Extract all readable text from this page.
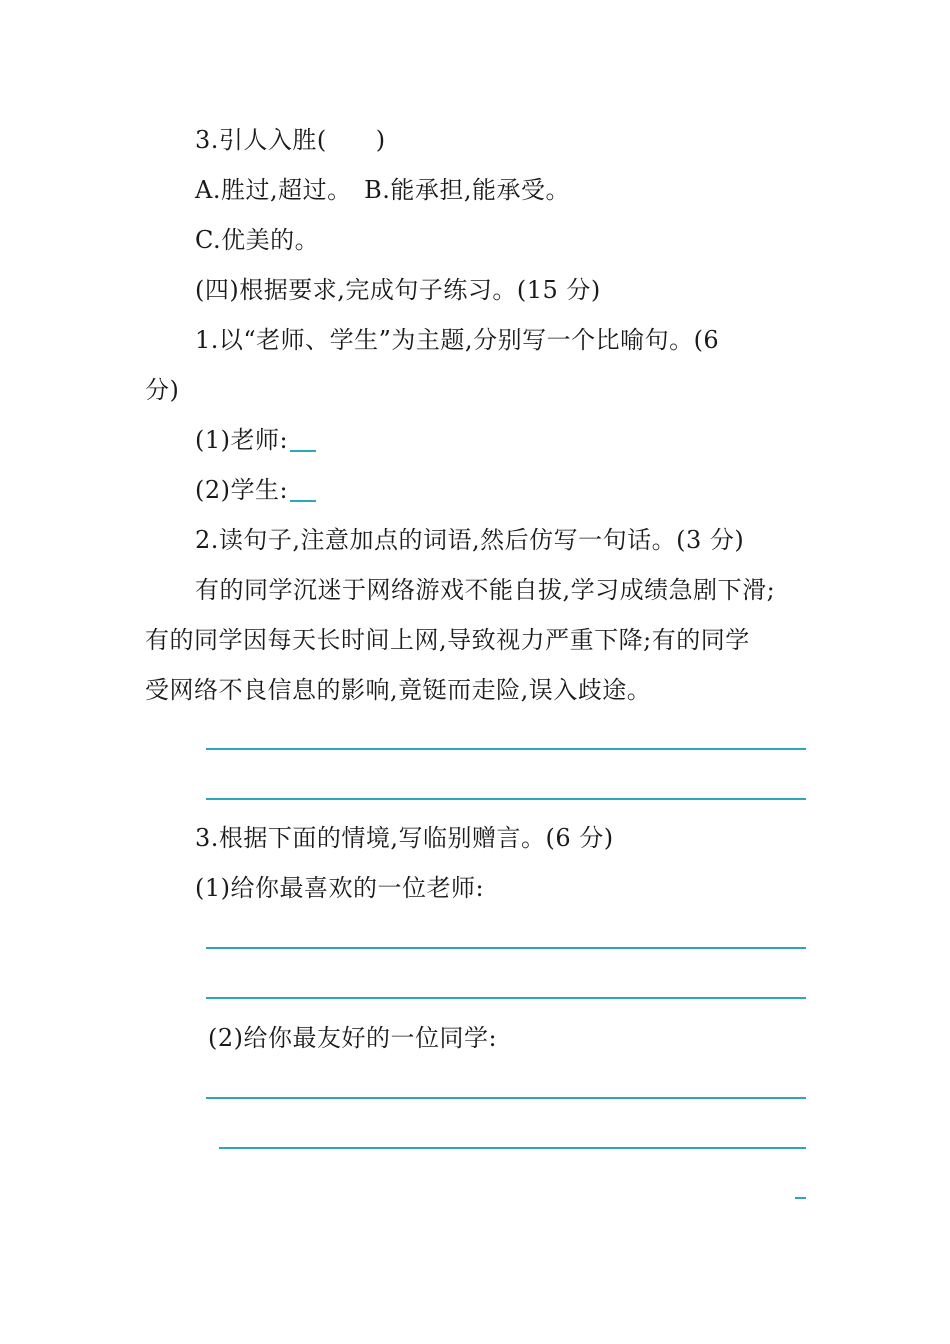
3.引人入胜(　　)
A.胜过,超过。　B.能承担,能承受。
C.优美的。
(四)根据要求,完成句子练习。(15 分)
1.以“老师、学生”为主题,分别写一个比喻句。(6
分)
(1)老师:
(2)学生:
2.读句子,注意加点的词语,然后仿写一句话。(3 分)
有的同学沉迷于网络游戏不能自拔,学习成绩急剧下滑;
有的同学因每天长时间上网,导致视力严重下降;有的同学
受网络不良信息的影响,竟铤而走险,误入歧途。
3.根据下面的情境,写临别赠言。(6 分)
(1)给你最喜欢的一位老师:
(2)给你最友好的一位同学:
